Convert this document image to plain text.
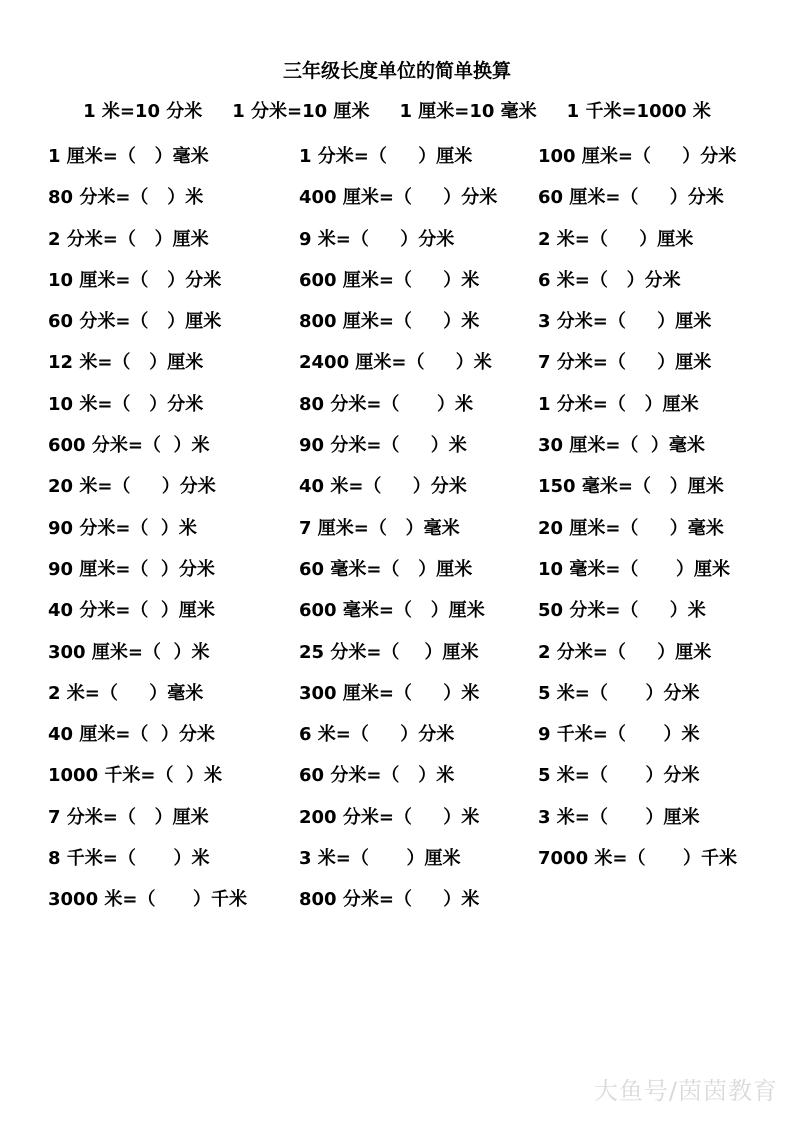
三年级长度单位的简单换算
1 米=10 分米 1 分米=10 厘米 1 厘米=10 毫米 1 千米=1000 米
1 厘米=（   ）毫米	1 分米=（     ）厘米	100 厘米=（     ）分米
80 分米=（   ）米	400 厘米=（     ）分米 60 厘米=（     ）分米
2 分米=（   ）厘米	9 米=（     ）分米	2 米=（     ）厘米
10 厘米=（   ）分米	600 厘米=（     ）米	6 米=（   ）分米
60 分米=（   ）厘米	800 厘米=（     ）米	3 分米=（     ）厘米
12 米=（   ）厘米	2400 厘米=（     ）米	7 分米=（     ）厘米
10 米=（   ）分米	80 分米=（      ）米	1 分米=（   ）厘米
600 分米=（  ）米	90 分米=（     ）米	30 厘米=（  ）毫米
20 米=（     ）分米	40 米=（     ）分米	150 毫米=（   ）厘米
90 分米=（  ）米	7 厘米=（   ）毫米	20 厘米=（     ）毫米
90 厘米=（  ）分米	60 毫米=（   ）厘米	10 毫米=（      ）厘米
40 分米=（  ）厘米	600 毫米=（   ）厘米	50 分米=（     ）米
300 厘米=（  ）米	25 分米=（    ）厘米	2 分米=（     ）厘米
2 米=（     ）毫米	300 厘米=（     ）米	5 米=（      ）分米
40 厘米=（  ）分米	6 米=（     ）分米	9 千米=（      ）米
1000 千米=（  ）米	60 分米=（   ）米	5 米=（      ）分米
7 分米=（   ）厘米	200 分米=（     ）米	3 米=（      ）厘米
8 千米=（      ）米	3 米=（      ）厘米	7000 米=（      ）千米
3000 米=（      ）千米	800 分米=（     ）米
大鱼号/茵茵教育
